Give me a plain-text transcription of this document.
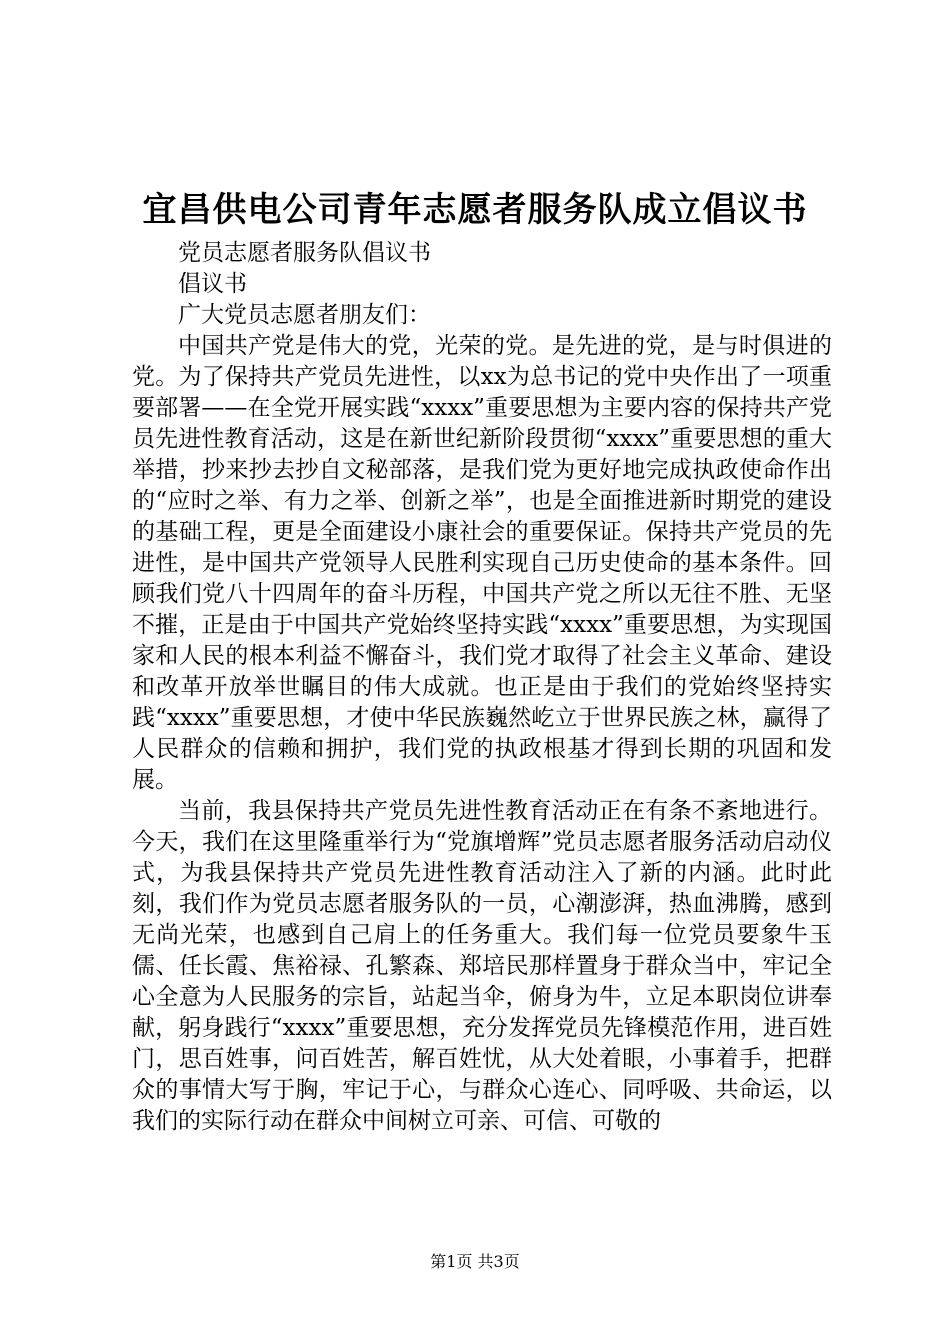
宜昌供电公司青年志愿者服务队成立倡议书

党员志愿者服务队倡议书

倡议书

广大党员志愿者朋友们：

中国共产党是伟大的党，光荣的党。是先进的党，是与时俱进的党。为了保持共产党员先进性，以xx为总书记的党中央作出了一项重要部署——在全党开展实践“xxxx”重要思想为主要内容的保持共产党员先进性教育活动，这是在新世纪新阶段贯彻“xxxx”重要思想的重大举措，抄来抄去抄自文秘部落，是我们党为更好地完成执政使命作出的“应时之举、有力之举、创新之举”，也是全面推进新时期党的建设的基础工程，更是全面建设小康社会的重要保证。保持共产党员的先进性，是中国共产党领导人民胜利实现自己历史使命的基本条件。回顾我们党八十四周年的奋斗历程，中国共产党之所以无往不胜、无坚不摧，正是由于中国共产党始终坚持实践“xxxx”重要思想，为实现国家和人民的根本利益不懈奋斗，我们党才取得了社会主义革命、建设和改革开放举世瞩目的伟大成就。也正是由于我们的党始终坚持实践“xxxx”重要思想，才使中华民族巍然屹立于世界民族之林，赢得了人民群众的信赖和拥护，我们党的执政根基才得到长期的巩固和发展。

当前，我县保持共产党员先进性教育活动正在有条不紊地进行。今天，我们在这里隆重举行为“党旗增辉”党员志愿者服务活动启动仪式，为我县保持共产党员先进性教育活动注入了新的内涵。此时此刻，我们作为党员志愿者服务队的一员，心潮澎湃，热血沸腾，感到无尚光荣，也感到自己肩上的任务重大。我们每一位党员要象牛玉儒、任长霞、焦裕禄、孔繁森、郑培民那样置身于群众当中，牢记全心全意为人民服务的宗旨，站起当伞，俯身为牛，立足本职岗位讲奉献，躬身践行“xxxx”重要思想，充分发挥党员先锋模范作用，进百姓门，思百姓事，问百姓苦，解百姓忧，从大处着眼，小事着手，把群众的事情大写于胸，牢记于心，与群众心连心、同呼吸、共命运，以我们的实际行动在群众中间树立可亲、可信、可敬的

第1页 共3页
